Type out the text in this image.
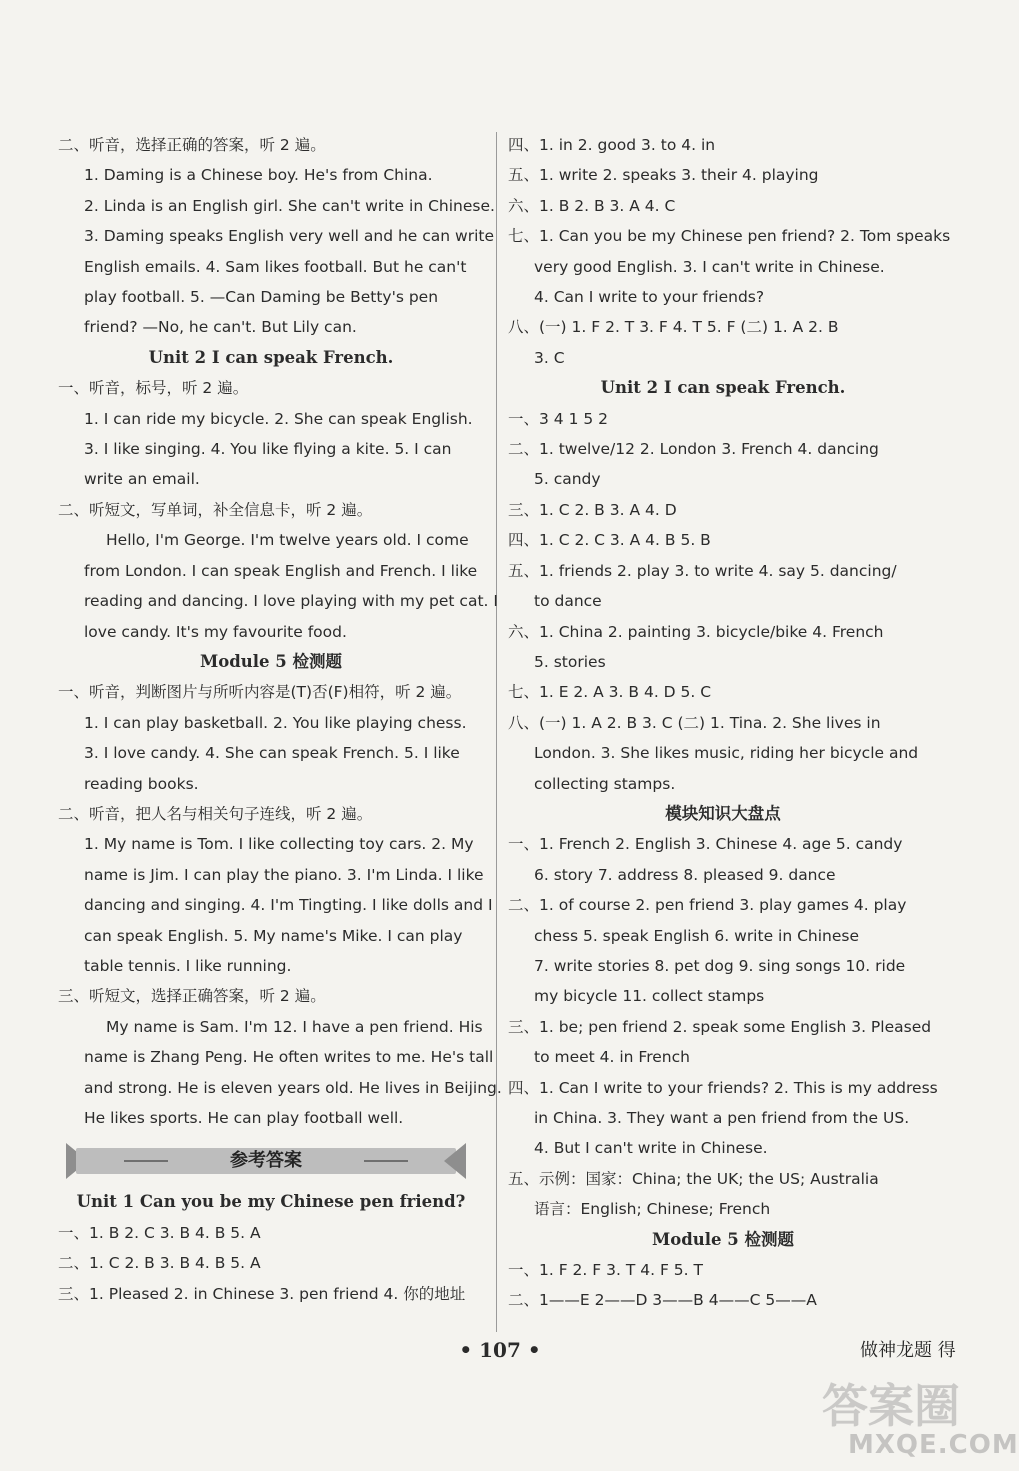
二、听音，选择正确的答案，听 2 遍。
1. Daming is a Chinese boy. He's from China.
2. Linda is an English girl. She can't write in Chinese.
3. Daming speaks English very well and he can write
English emails. 4. Sam likes football. But he can't
play football. 5. —Can Daming be Betty's pen
friend? —No, he can't. But Lily can.
Unit 2 I can speak French.
一、听音，标号，听 2 遍。
1. I can ride my bicycle. 2. She can speak English.
3. I like singing. 4. You like flying a kite. 5. I can
write an email.
二、听短文，写单词，补全信息卡，听 2 遍。
Hello, I'm George. I'm twelve years old. I come
from London. I can speak English and French. I like
reading and dancing. I love playing with my pet cat. I
love candy. It's my favourite food.
Module 5 检测题
一、听音，判断图片与所听内容是(T)否(F)相符，听 2 遍。
1. I can play basketball. 2. You like playing chess.
3. I love candy. 4. She can speak French. 5. I like
reading books.
二、听音，把人名与相关句子连线，听 2 遍。
1. My name is Tom. I like collecting toy cars. 2. My
name is Jim. I can play the piano. 3. I'm Linda. I like
dancing and singing. 4. I'm Tingting. I like dolls and I
can speak English. 5. My name's Mike. I can play
table tennis. I like running.
三、听短文，选择正确答案，听 2 遍。
My name is Sam. I'm 12. I have a pen friend. His
name is Zhang Peng. He often writes to me. He's tall
and strong. He is eleven years old. He lives in Beijing.
He likes sports. He can play football well.
参考答案
Unit 1 Can you be my Chinese pen friend?
一、1. B 2. C 3. B 4. B 5. A
二、1. C 2. B 3. B 4. B 5. A
三、1. Pleased 2. in Chinese 3. pen friend 4. 你的地址
四、1. in 2. good 3. to 4. in
五、1. write 2. speaks 3. their 4. playing
六、1. B 2. B 3. A 4. C
七、1. Can you be my Chinese pen friend? 2. Tom speaks
very good English. 3. I can't write in Chinese.
4. Can I write to your friends?
八、(一) 1. F 2. T 3. F 4. T 5. F (二) 1. A 2. B
3. C
Unit 2 I can speak French.
一、3 4 1 5 2
二、1. twelve/12 2. London 3. French 4. dancing
5. candy
三、1. C 2. B 3. A 4. D
四、1. C 2. C 3. A 4. B 5. B
五、1. friends 2. play 3. to write 4. say 5. dancing/
to dance
六、1. China 2. painting 3. bicycle/bike 4. French
5. stories
七、1. E 2. A 3. B 4. D 5. C
八、(一) 1. A 2. B 3. C (二) 1. Tina. 2. She lives in
London. 3. She likes music, riding her bicycle and
collecting stamps.
模块知识大盘点
一、1. French 2. English 3. Chinese 4. age 5. candy
6. story 7. address 8. pleased 9. dance
二、1. of course 2. pen friend 3. play games 4. play
chess 5. speak English 6. write in Chinese
7. write stories 8. pet dog 9. sing songs 10. ride
my bicycle 11. collect stamps
三、1. be; pen friend 2. speak some English 3. Pleased
to meet 4. in French
四、1. Can I write to your friends? 2. This is my address
in China. 3. They want a pen friend from the US.
4. But I can't write in Chinese.
五、示例：国家：China; the UK; the US; Australia
语言：English; Chinese; French
Module 5 检测题
一、1. F 2. F 3. T 4. F 5. T
二、1——E 2——D 3——B 4——C 5——A
• 107 •	做神龙题 得
答案圈
MXQE.COM
